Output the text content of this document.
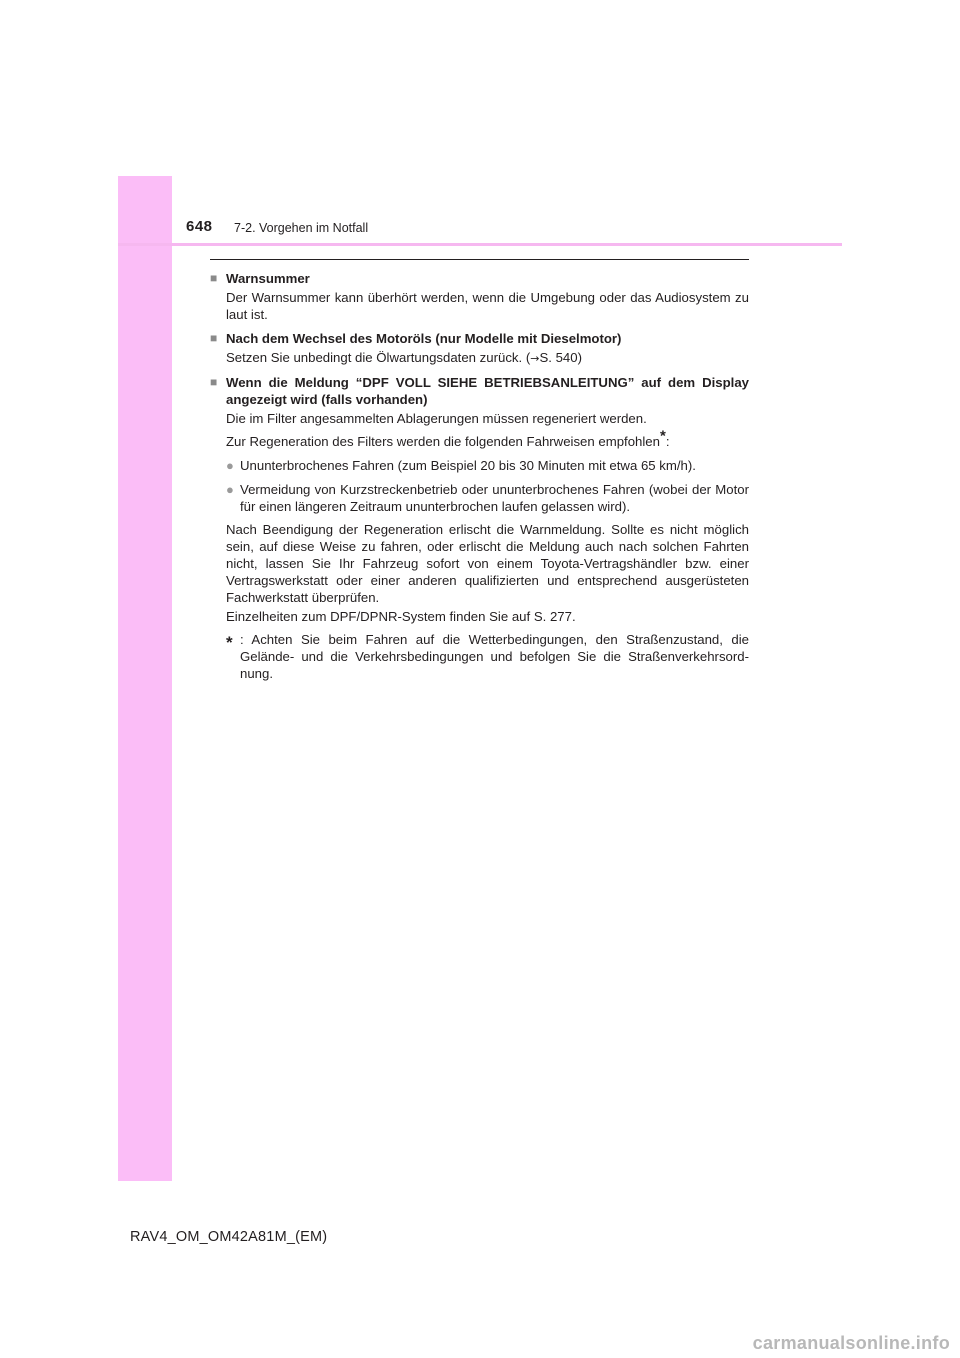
648 7-2. Vorgehen im Notfall
■ Warnsummer
Der Warnsummer kann überhört werden, wenn die Umgebung oder das Audiosystem zu laut ist.
■ Nach dem Wechsel des Motoröls (nur Modelle mit Dieselmotor)
Setzen Sie unbedingt die Ölwartungsdaten zurück. (→S. 540)
■ Wenn die Meldung “DPF VOLL SIEHE BETRIEBSANLEITUNG” auf dem Display angezeigt wird (falls vorhanden)
Die im Filter angesammelten Ablagerungen müssen regeneriert werden.
Zur Regeneration des Filters werden die folgenden Fahrweisen empfohlen*:
● Ununterbrochenes Fahren (zum Beispiel 20 bis 30 Minuten mit etwa 65 km/h).
● Vermeidung von Kurzstreckenbetrieb oder ununterbrochenes Fahren (wobei der Motor für einen längeren Zeitraum ununterbrochen laufen gelassen wird).
Nach Beendigung der Regeneration erlischt die Warnmeldung. Sollte es nicht möglich sein, auf diese Weise zu fahren, oder erlischt die Meldung auch nach solchen Fahrten nicht, lassen Sie Ihr Fahrzeug sofort von einem Toyota-Vertragshändler bzw. einer Vertragswerkstatt oder einer anderen qualifizierten und entsprechend ausgerüsteten Fachwerkstatt überprüfen.
Einzelheiten zum DPF/DPNR-System finden Sie auf S. 277.
* : Achten Sie beim Fahren auf die Wetterbedingungen, den Straßenzustand, die Gelände- und die Verkehrsbedingungen und befolgen Sie die Straßenverkehrsord-nung.
RAV4_OM_OM42A81M_(EM)
carmanualsonline.info
